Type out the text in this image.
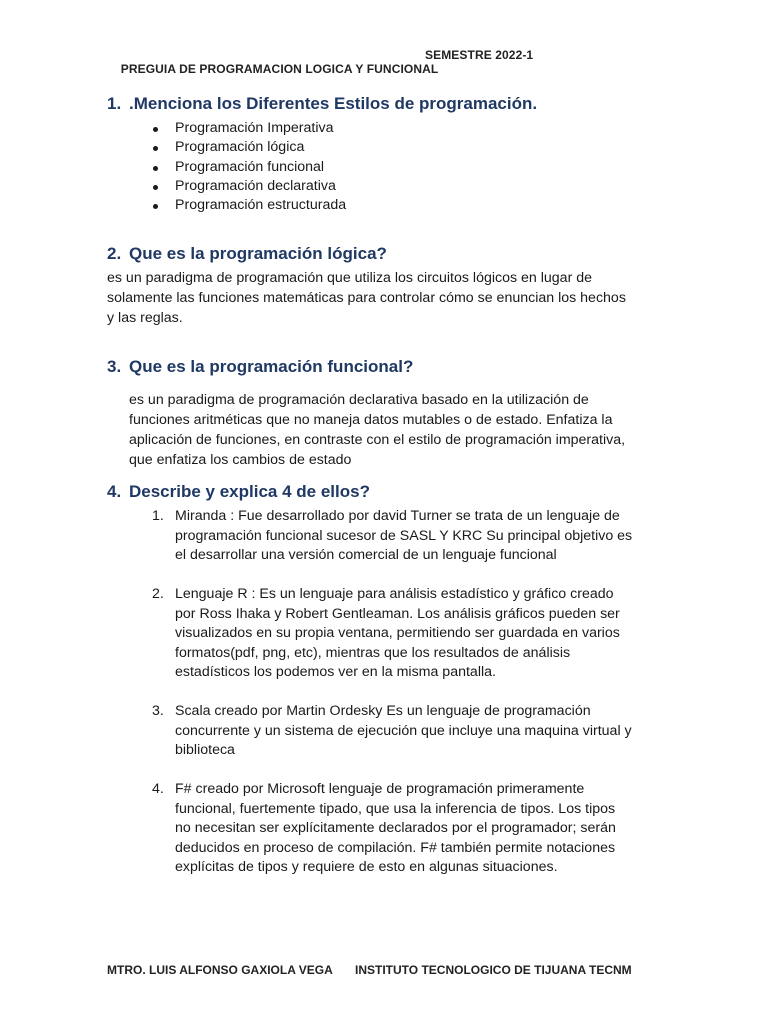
PREGUIA DE PROGRAMACION LOGICA Y FUNCIONAL

SEMESTRE 2022-1

1. .Menciona los Diferentes Estilos de programación.
Programación Imperativa
Programación lógica
Programación funcional
Programación declarativa
Programación estructurada
2. Que es la programación lógica?
es un paradigma de programación que utiliza los circuitos lógicos en lugar de
solamente las funciones matemáticas para controlar cómo se enuncian los hechos
y las reglas.
3. Que es la programación funcional?
es un paradigma de programación declarativa basado en la utilización de
funciones aritméticas que no maneja datos mutables o de estado. Enfatiza la
aplicación de funciones, en contraste con el estilo de programación imperativa,
que enfatiza los cambios de estado
4. Describe y explica 4 de ellos?
1. Miranda : Fue desarrollado por david Turner se trata de un lenguaje de
programación funcional sucesor de SASL Y KRC Su principal objetivo es
el desarrollar una versión comercial de un lenguaje funcional
2. Lenguaje R : Es un lenguaje para análisis estadístico y gráfico creado
por Ross Ihaka y Robert Gentleaman. Los análisis gráficos pueden ser
visualizados en su propia ventana, permitiendo ser guardada en varios
formatos(pdf, png, etc), mientras que los resultados de análisis
estadísticos los podemos ver en la misma pantalla.
3. Scala creado por Martin Ordesky Es un lenguaje de programación
concurrente y un sistema de ejecución que incluye una maquina virtual y
biblioteca
4. F# creado por Microsoft lenguaje de programación primeramente
funcional, fuertemente tipado, que usa la inferencia de tipos. Los tipos
no necesitan ser explícitamente declarados por el programador; serán
deducidos en proceso de compilación. F# también permite notaciones
explícitas de tipos y requiere de esto en algunas situaciones.
MTRO. LUIS ALFONSO GAXIOLA VEGA INSTITUTO TECNOLOGICO DE TIJUANA TECNM
